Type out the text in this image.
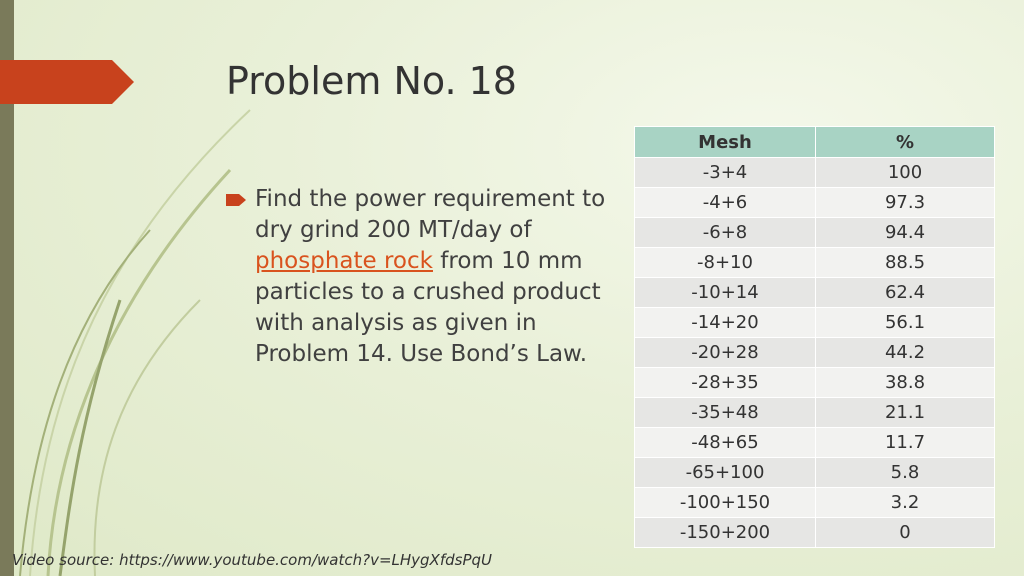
Problem No. 18
Find the power requirement to dry grind 200 MT/day of phosphate rock from 10 mm particles to a crushed product with analysis as given in Problem 14. Use Bond’s Law.
Mesh	%
-3+4	100
-4+6	97.3
-6+8	94.4
-8+10	88.5
-10+14	62.4
-14+20	56.1
-20+28	44.2
-28+35	38.8
-35+48	21.1
-48+65	11.7
-65+100	5.8
-100+150	3.2
-150+200	0
Video source: https://www.youtube.com/watch?v=LHygXfdsPqU
